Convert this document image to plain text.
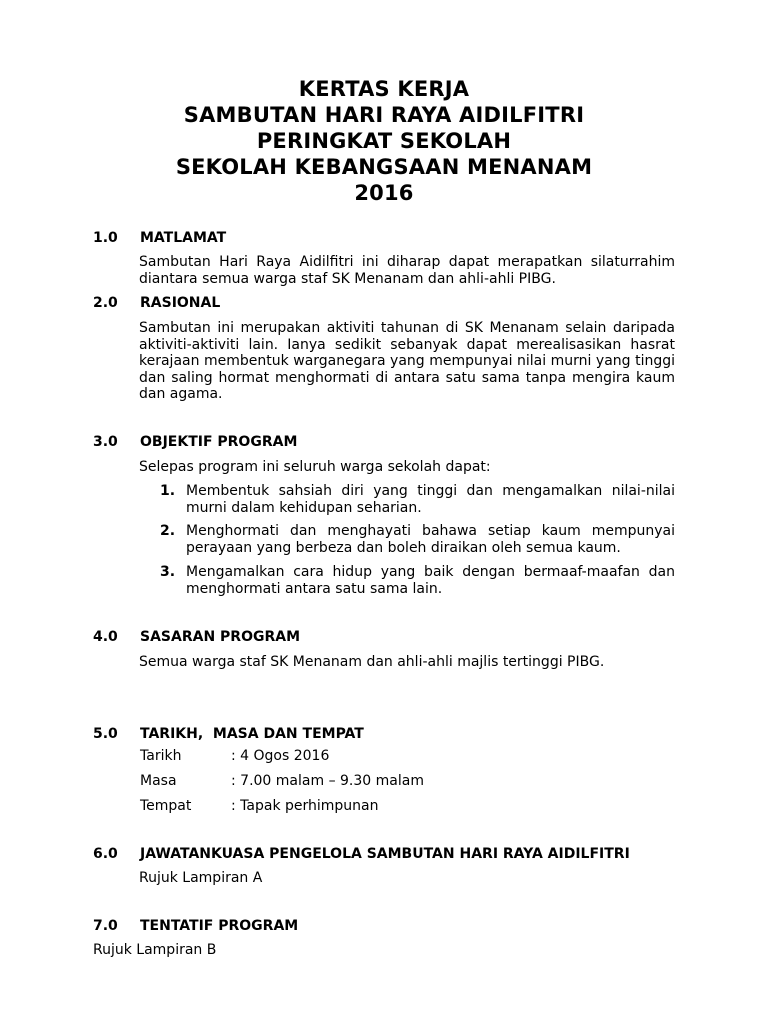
KERTAS KERJA
SAMBUTAN HARI RAYA AIDILFITRI
PERINGKAT SEKOLAH
SEKOLAH KEBANGSAAN MENANAM
2016
1.0 MATLAMAT
Sambutan Hari Raya Aidilfitri ini diharap dapat merapatkan silaturrahim diantara semua warga staf SK Menanam dan ahli-ahli PIBG.
2.0 RASIONAL
Sambutan ini merupakan aktiviti tahunan di SK Menanam selain daripada aktiviti-aktiviti lain. Ianya sedikit sebanyak dapat merealisasikan hasrat kerajaan membentuk warganegara yang mempunyai nilai murni yang tinggi dan saling hormat menghormati di antara satu sama tanpa mengira kaum dan agama.
3.0 OBJEKTIF PROGRAM
Selepas program ini seluruh warga sekolah dapat:
1. Membentuk sahsiah diri yang tinggi dan mengamalkan nilai-nilai murni dalam kehidupan seharian.
2. Menghormati dan menghayati bahawa setiap kaum mempunyai perayaan yang berbeza dan boleh diraikan oleh semua kaum.
3. Mengamalkan cara hidup yang baik dengan bermaaf-maafan dan menghormati antara satu sama lain.
4.0 SASARAN PROGRAM
Semua warga staf SK Menanam dan ahli-ahli majlis tertinggi PIBG.
5.0 TARIKH,  MASA DAN TEMPAT
Tarikh	: 4 Ogos 2016
Masa	: 7.00 malam – 9.30 malam
Tempat	: Tapak perhimpunan
6.0 JAWATANKUASA PENGELOLA SAMBUTAN HARI RAYA AIDILFITRI
Rujuk Lampiran A
7.0 TENTATIF PROGRAM
Rujuk Lampiran B
